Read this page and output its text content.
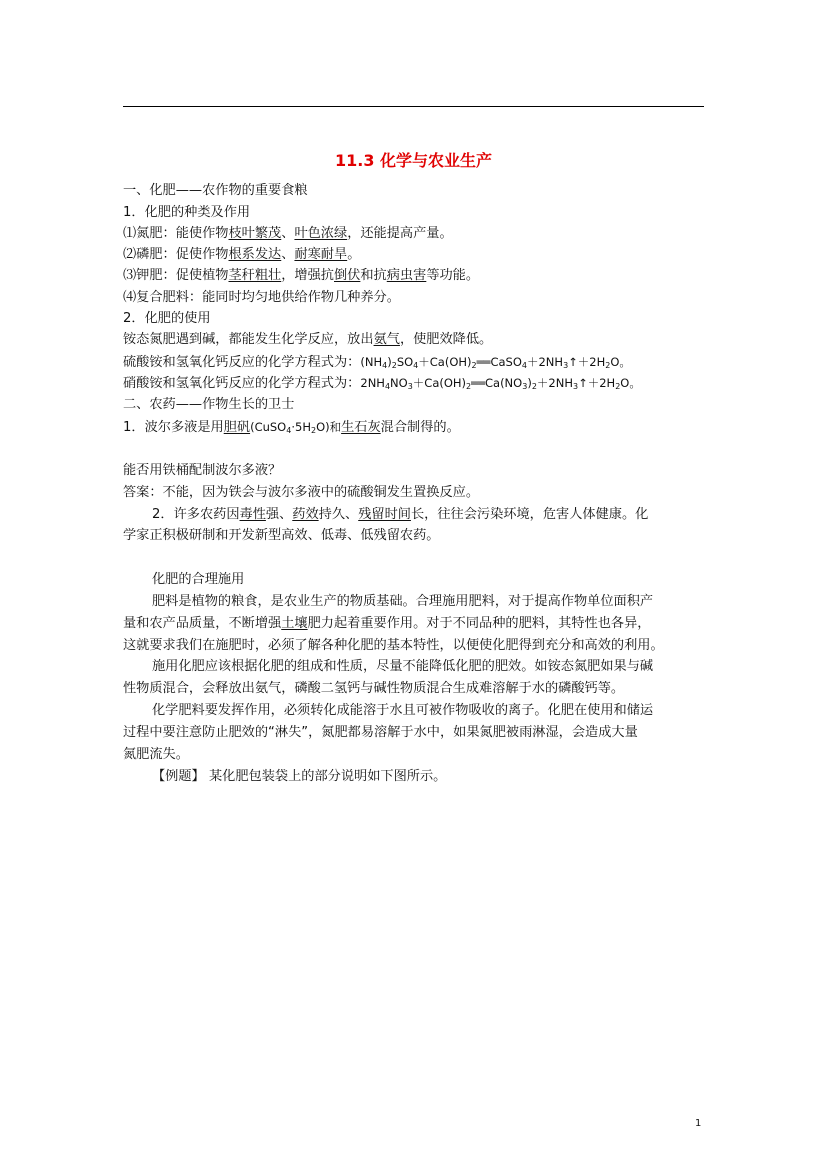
11.3 化学与农业生产
一、化肥——农作物的重要食粮
1．化肥的种类及作用
⑴氮肥：能使作物枝叶繁茂、叶色浓绿，还能提高产量。
⑵磷肥：促使作物根系发达、耐寒耐旱。
⑶钾肥：促使植物茎秆粗壮，增强抗倒伏和抗病虫害等功能。
⑷复合肥料：能同时均匀地供给作物几种养分。
2．化肥的使用
铵态氮肥遇到碱，都能发生化学反应，放出氨气，使肥效降低。
硫酸铵和氢氧化钙反应的化学方程式为：$(NH_4)_2SO_4+Ca(OH)_2══CaSO_4+2NH_3↑+2H_2O$。
硝酸铵和氢氧化钙反应的化学方程式为：$2NH_4NO_3+Ca(OH)_2══Ca(NO_3)_2+2NH_3↑+2H_2O$。
二、农药——作物生长的卫士
1．波尔多液是用胆矾$(CuSO_4\cdot 5H_2O)$和生石灰混合制得的。
能否用铁桶配制波尔多液？
答案：不能，因为铁会与波尔多液中的硫酸铜发生置换反应。
2．许多农药因毒性强、药效持久、残留时间长，往往会污染环境，危害人体健康。化
学家正积极研制和开发新型高效、低毒、低残留农药。
化肥的合理施用
肥料是植物的粮食，是农业生产的物质基础。合理施用肥料，对于提高作物单位面积产
量和农产品质量，不断增强土壤肥力起着重要作用。对于不同品种的肥料，其特性也各异，
这就要求我们在施肥时，必须了解各种化肥的基本特性，以便使化肥得到充分和高效的利用。
施用化肥应该根据化肥的组成和性质，尽量不能降低化肥的肥效。如铵态氮肥如果与碱
性物质混合，会释放出氨气，磷酸二氢钙与碱性物质混合生成难溶解于水的磷酸钙等。
化学肥料要发挥作用，必须转化成能溶于水且可被作物吸收的离子。化肥在使用和储运
过程中要注意防止肥效的“淋失”，氮肥都易溶解于水中，如果氮肥被雨淋湿，会造成大量
氮肥流失。
【例题】 某化肥包装袋上的部分说明如下图所示。
1
